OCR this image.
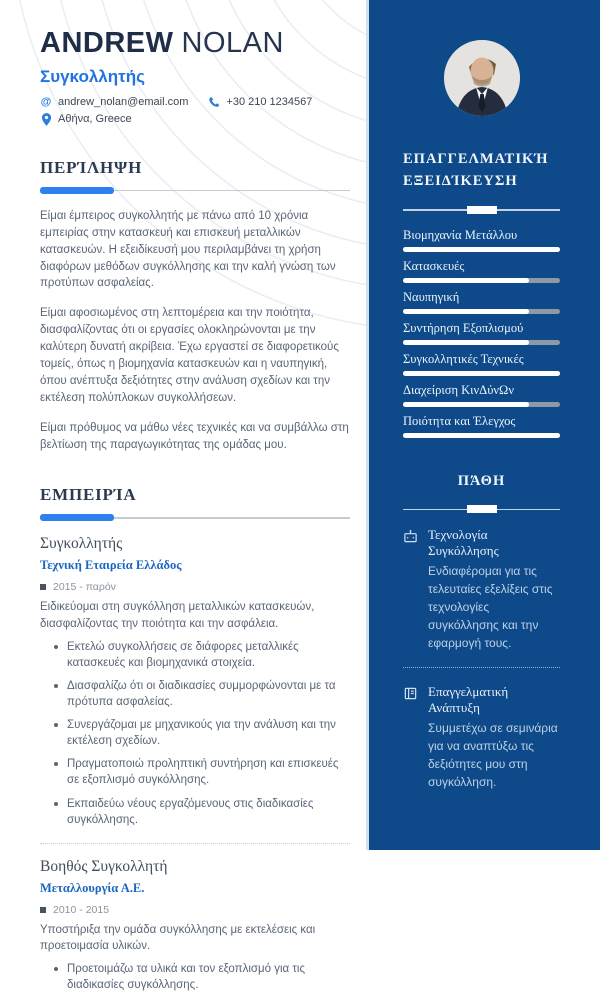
ANDREW NOLAN
Συγκολλητής
@ andrew_nolan@email.com	+30 210 1234567
Αθήνα, Greece
ΠΕΡΊΛΗΨΗ

Είμαι έμπειρος συγκολλητής με πάνω από 10 χρόνια εμπειρίας στην κατασκευή και επισκευή μεταλλικών κατασκευών. Η εξειδίκευσή μου περιλαμβάνει τη χρήση διαφόρων μεθόδων συγκόλλησης και την καλή γνώση των προτύπων ασφαλείας.

Είμαι αφοσιωμένος στη λεπτομέρεια και την ποιότητα, διασφαλίζοντας ότι οι εργασίες ολοκληρώνονται με την καλύτερη δυνατή ακρίβεια. Έχω εργαστεί σε διαφορετικούς τομείς, όπως η βιομηχανία κατασκευών και η ναυπηγική, όπου ανέπτυξα δεξιότητες στην ανάλυση σχεδίων και την εκτέλεση πολύπλοκων συγκολλήσεων.

Είμαι πρόθυμος να μάθω νέες τεχνικές και να συμβάλλω στη βελτίωση της παραγωγικότητας της ομάδας μου.

ΕΜΠΕΙΡΊΑ
Συγκολλητής
Τεχνική Εταιρεία Ελλάδος
2015 - παρόν
Ειδικεύομαι στη συγκόλληση μεταλλικών κατασκευών, διασφαλίζοντας την ποιότητα και την ασφάλεια.
Εκτελώ συγκολλήσεις σε διάφορες μεταλλικές κατασκευές και βιομηχανικά στοιχεία.
Διασφαλίζω ότι οι διαδικασίες συμμορφώνονται με τα πρότυπα ασφαλείας.
Συνεργάζομαι με μηχανικούς για την ανάλυση και την εκτέλεση σχεδίων.
Πραγματοποιώ προληπτική συντήρηση και επισκευές σε εξοπλισμό συγκόλλησης.
Εκπαιδεύω νέους εργαζόμενους στις διαδικασίες συγκόλλησης.
Βοηθός Συγκολλητή
Μεταλλουργία Α.Ε.
2010 - 2015
Υποστήριξα την ομάδα συγκόλλησης με εκτελέσεις και προετοιμασία υλικών.
Προετοιμάζω τα υλικά και τον εξοπλισμό για τις διαδικασίες συγκόλλησης.
ΕΠΑΓΓΕΛΜΑΤΙΚΉ ΕΞΕΙΔΊΚΕΥΣΗ
Βιομηχανία Μετάλλου
Κατασκευές
Ναυπηγική
Συντήρηση Εξοπλισμού
Συγκολλητικές Τεχνικές
Διαχείριση ΚινΔύνΩν
Ποιότητα και Έλεγχος
ΠΆΘΗ
Τεχνολογία Συγκόλλησης
Ενδιαφέρομαι για τις τελευταίες εξελίξεις στις τεχνολογίες συγκόλλησης και την εφαρμογή τους.
Επαγγελματική Ανάπτυξη
Συμμετέχω σε σεμινάρια για να αναπτύξω τις δεξιότητες μου στη συγκόλληση.
